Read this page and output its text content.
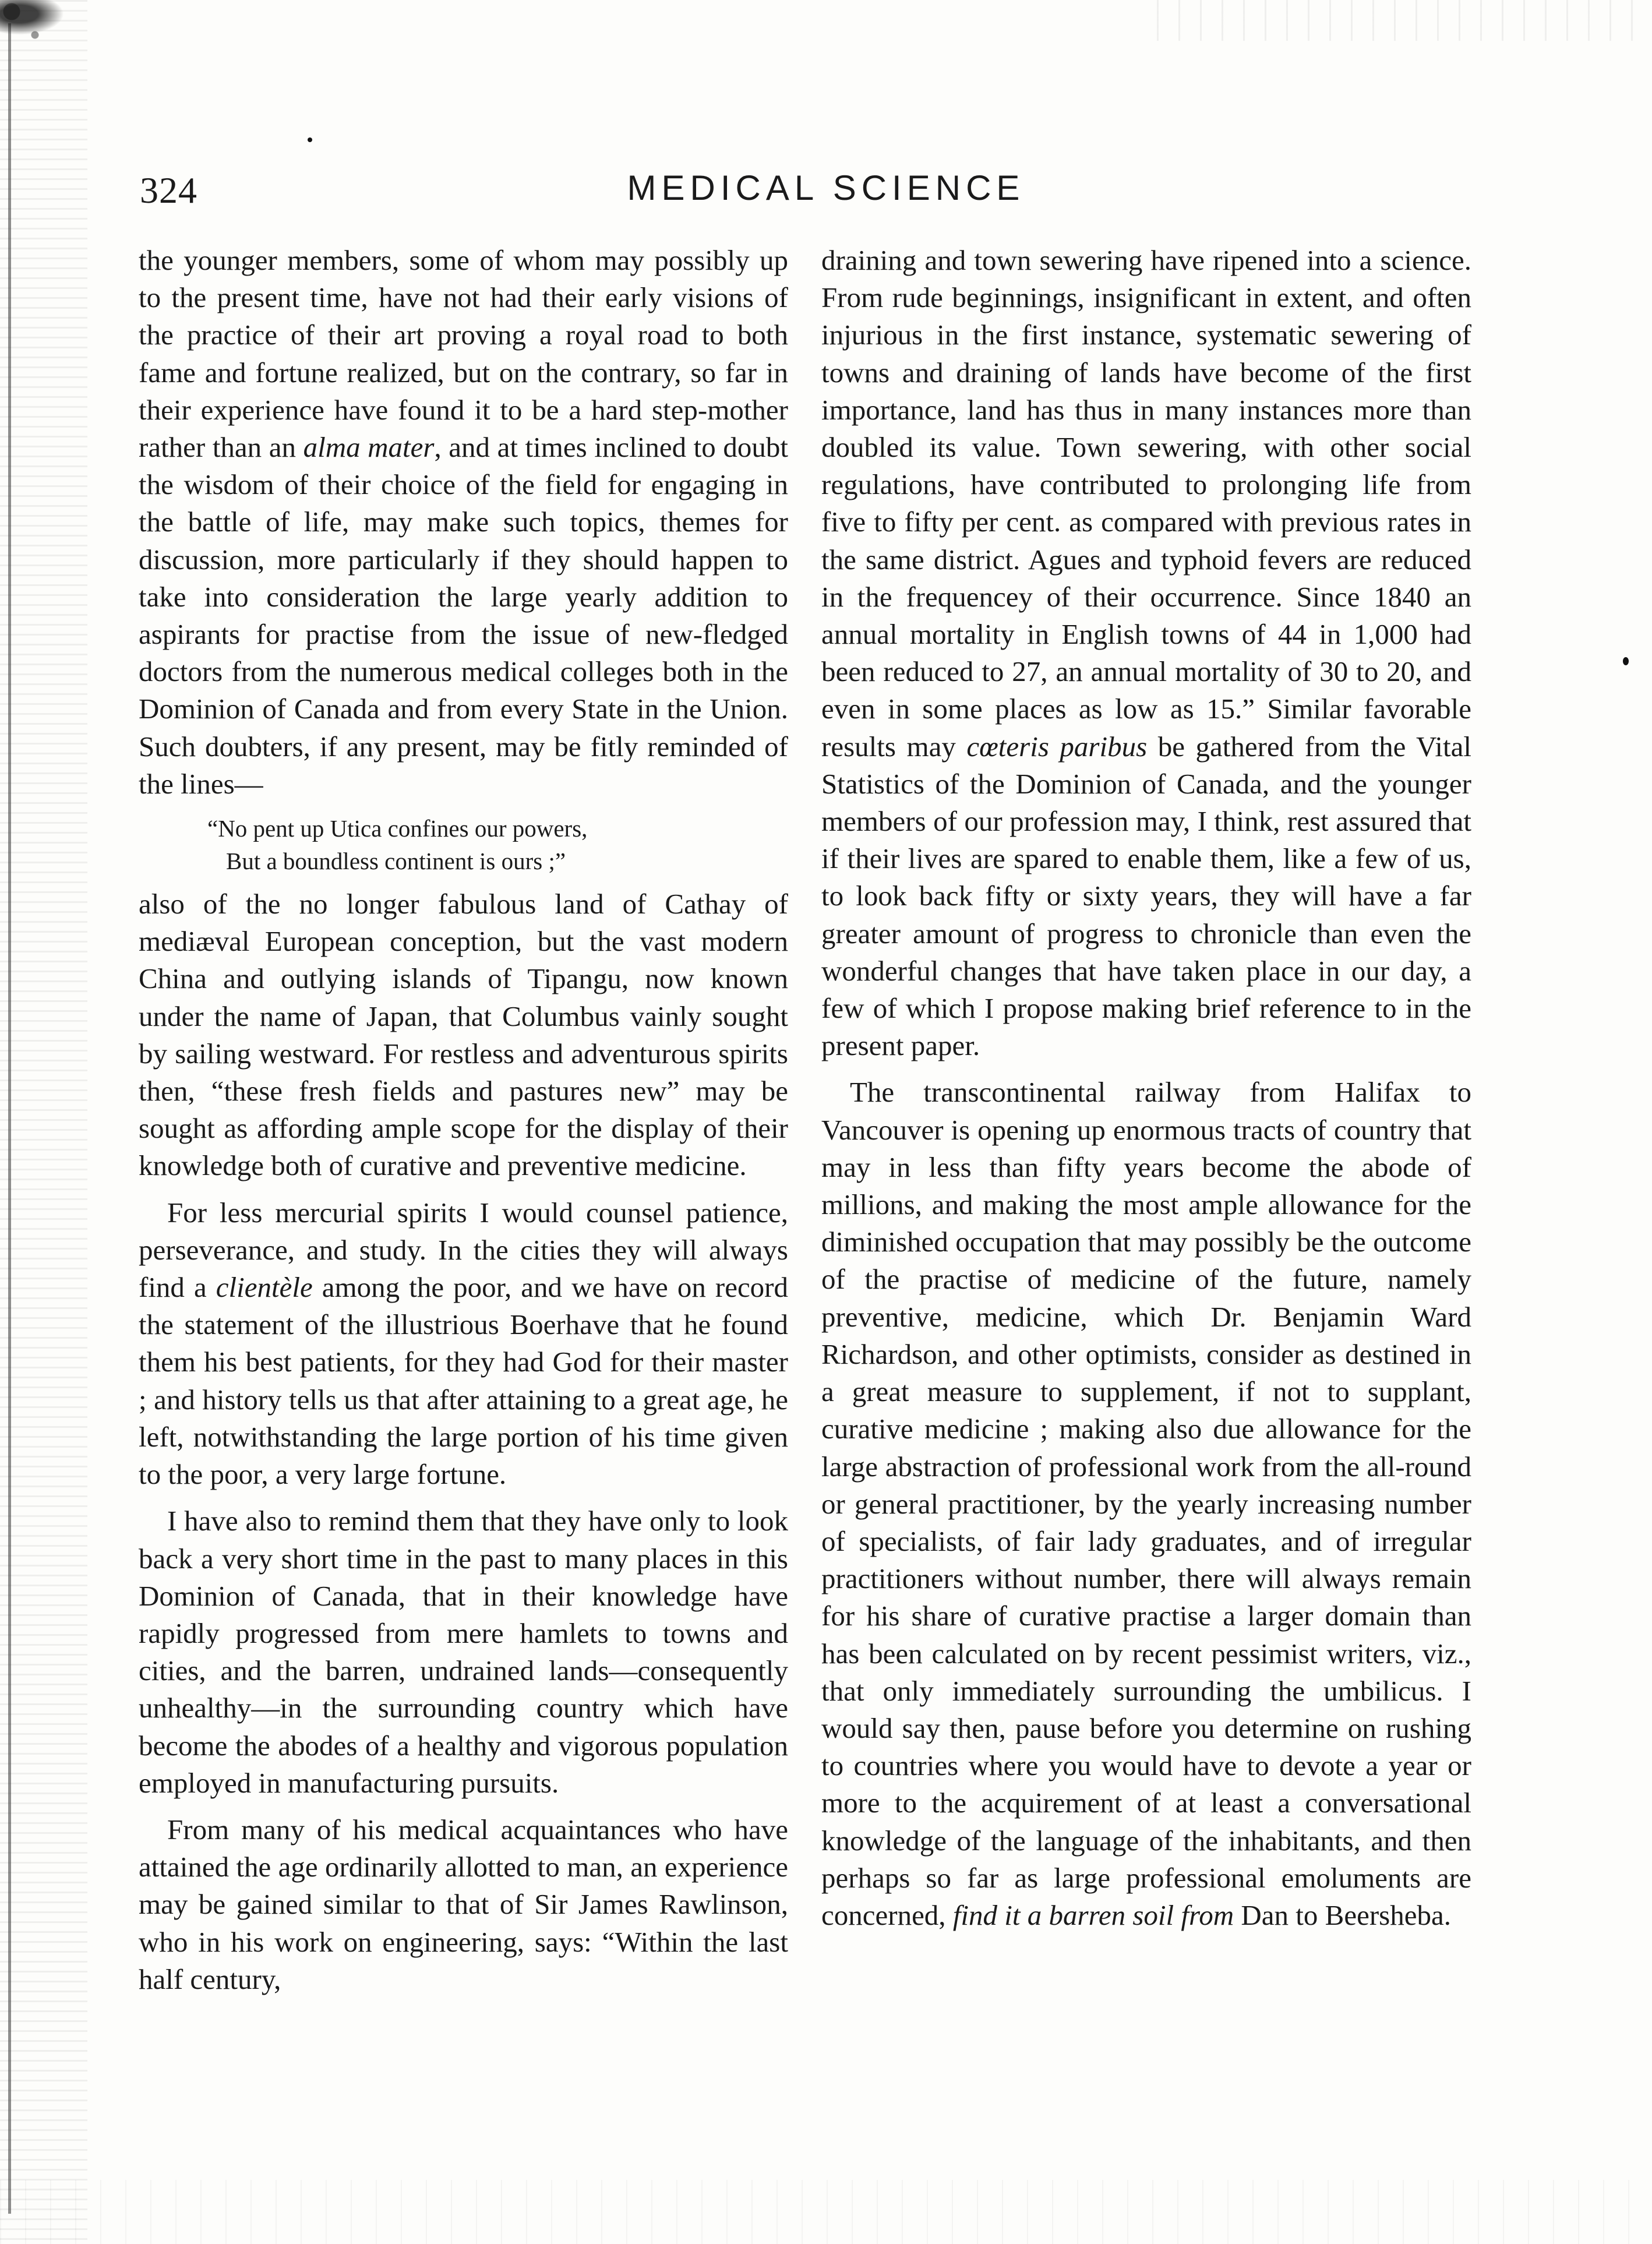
324	MEDICAL SCIENCE

the younger members, some of whom may possibly up to the present time, have not had their early visions of the practice of their art proving a royal road to both fame and fortune realized, but on the contrary, so far in their experience have found it to be a hard step-mother rather than an alma mater, and at times inclined to doubt the wisdom of their choice of the field for engaging in the battle of life, may make such topics, themes for discussion, more particularly if they should happen to take into consideration the large yearly addition to aspirants for practise from the issue of new-fledged doctors from the numerous medical colleges both in the Dominion of Canada and from every State in the Union. Such doubters, if any present, may be fitly reminded of the lines—

“No pent up Utica confines our powers,
But a boundless continent is ours ;”

also of the no longer fabulous land of Cathay of mediæval European conception, but the vast modern China and outlying islands of Tipangu, now known under the name of Japan, that Columbus vainly sought by sailing westward. For restless and adventurous spirits then, “these fresh fields and pastures new” may be sought as affording ample scope for the display of their knowledge both of curative and preventive medicine.

For less mercurial spirits I would counsel patience, perseverance, and study. In the cities they will always find a clientèle among the poor, and we have on record the statement of the illustrious Boerhave that he found them his best patients, for they had God for their master ; and history tells us that after attaining to a great age, he left, notwithstanding the large portion of his time given to the poor, a very large fortune.

I have also to remind them that they have only to look back a very short time in the past to many places in this Dominion of Canada, that in their knowledge have rapidly progressed from mere hamlets to towns and cities, and the barren, undrained lands—consequently unhealthy—in the surrounding country which have become the abodes of a healthy and vigorous population employed in manufacturing pursuits.

From many of his medical acquaintances who have attained the age ordinarily allotted to man, an experience may be gained similar to that of Sir James Rawlinson, who in his work on engineering, says: “Within the last half century,

draining and town sewering have ripened into a science. From rude beginnings, insignificant in extent, and often injurious in the first instance, systematic sewering of towns and draining of lands have become of the first importance, land has thus in many instances more than doubled its value. Town sewering, with other social regulations, have contributed to prolonging life from five to fifty per cent. as compared with previous rates in the same district. Agues and typhoid fevers are reduced in the frequencey of their occurrence. Since 1840 an annual mortality in English towns of 44 in 1,000 had been reduced to 27, an annual mortality of 30 to 20, and even in some places as low as 15.” Similar favorable results may cœteris paribus be gathered from the Vital Statistics of the Dominion of Canada, and the younger members of our profession may, I think, rest assured that if their lives are spared to enable them, like a few of us, to look back fifty or sixty years, they will have a far greater amount of progress to chronicle than even the wonderful changes that have taken place in our day, a few of which I propose making brief reference to in the present paper.

The transcontinental railway from Halifax to Vancouver is opening up enormous tracts of country that may in less than fifty years become the abode of millions, and making the most ample allowance for the diminished occupation that may possibly be the outcome of the practise of medicine of the future, namely preventive, medicine, which Dr. Benjamin Ward Richardson, and other optimists, consider as destined in a great measure to supplement, if not to supplant, curative medicine ; making also due allowance for the large abstraction of professional work from the all-round or general practitioner, by the yearly increasing number of specialists, of fair lady graduates, and of irregular practitioners without number, there will always remain for his share of curative practise a larger domain than has been calculated on by recent pessimist writers, viz., that only immediately surrounding the umbilicus. I would say then, pause before you determine on rushing to countries where you would have to devote a year or more to the acquirement of at least a conversational knowledge of the language of the inhabitants, and then perhaps so far as large professional emoluments are concerned, find it a barren soil from Dan to Beersheba.
